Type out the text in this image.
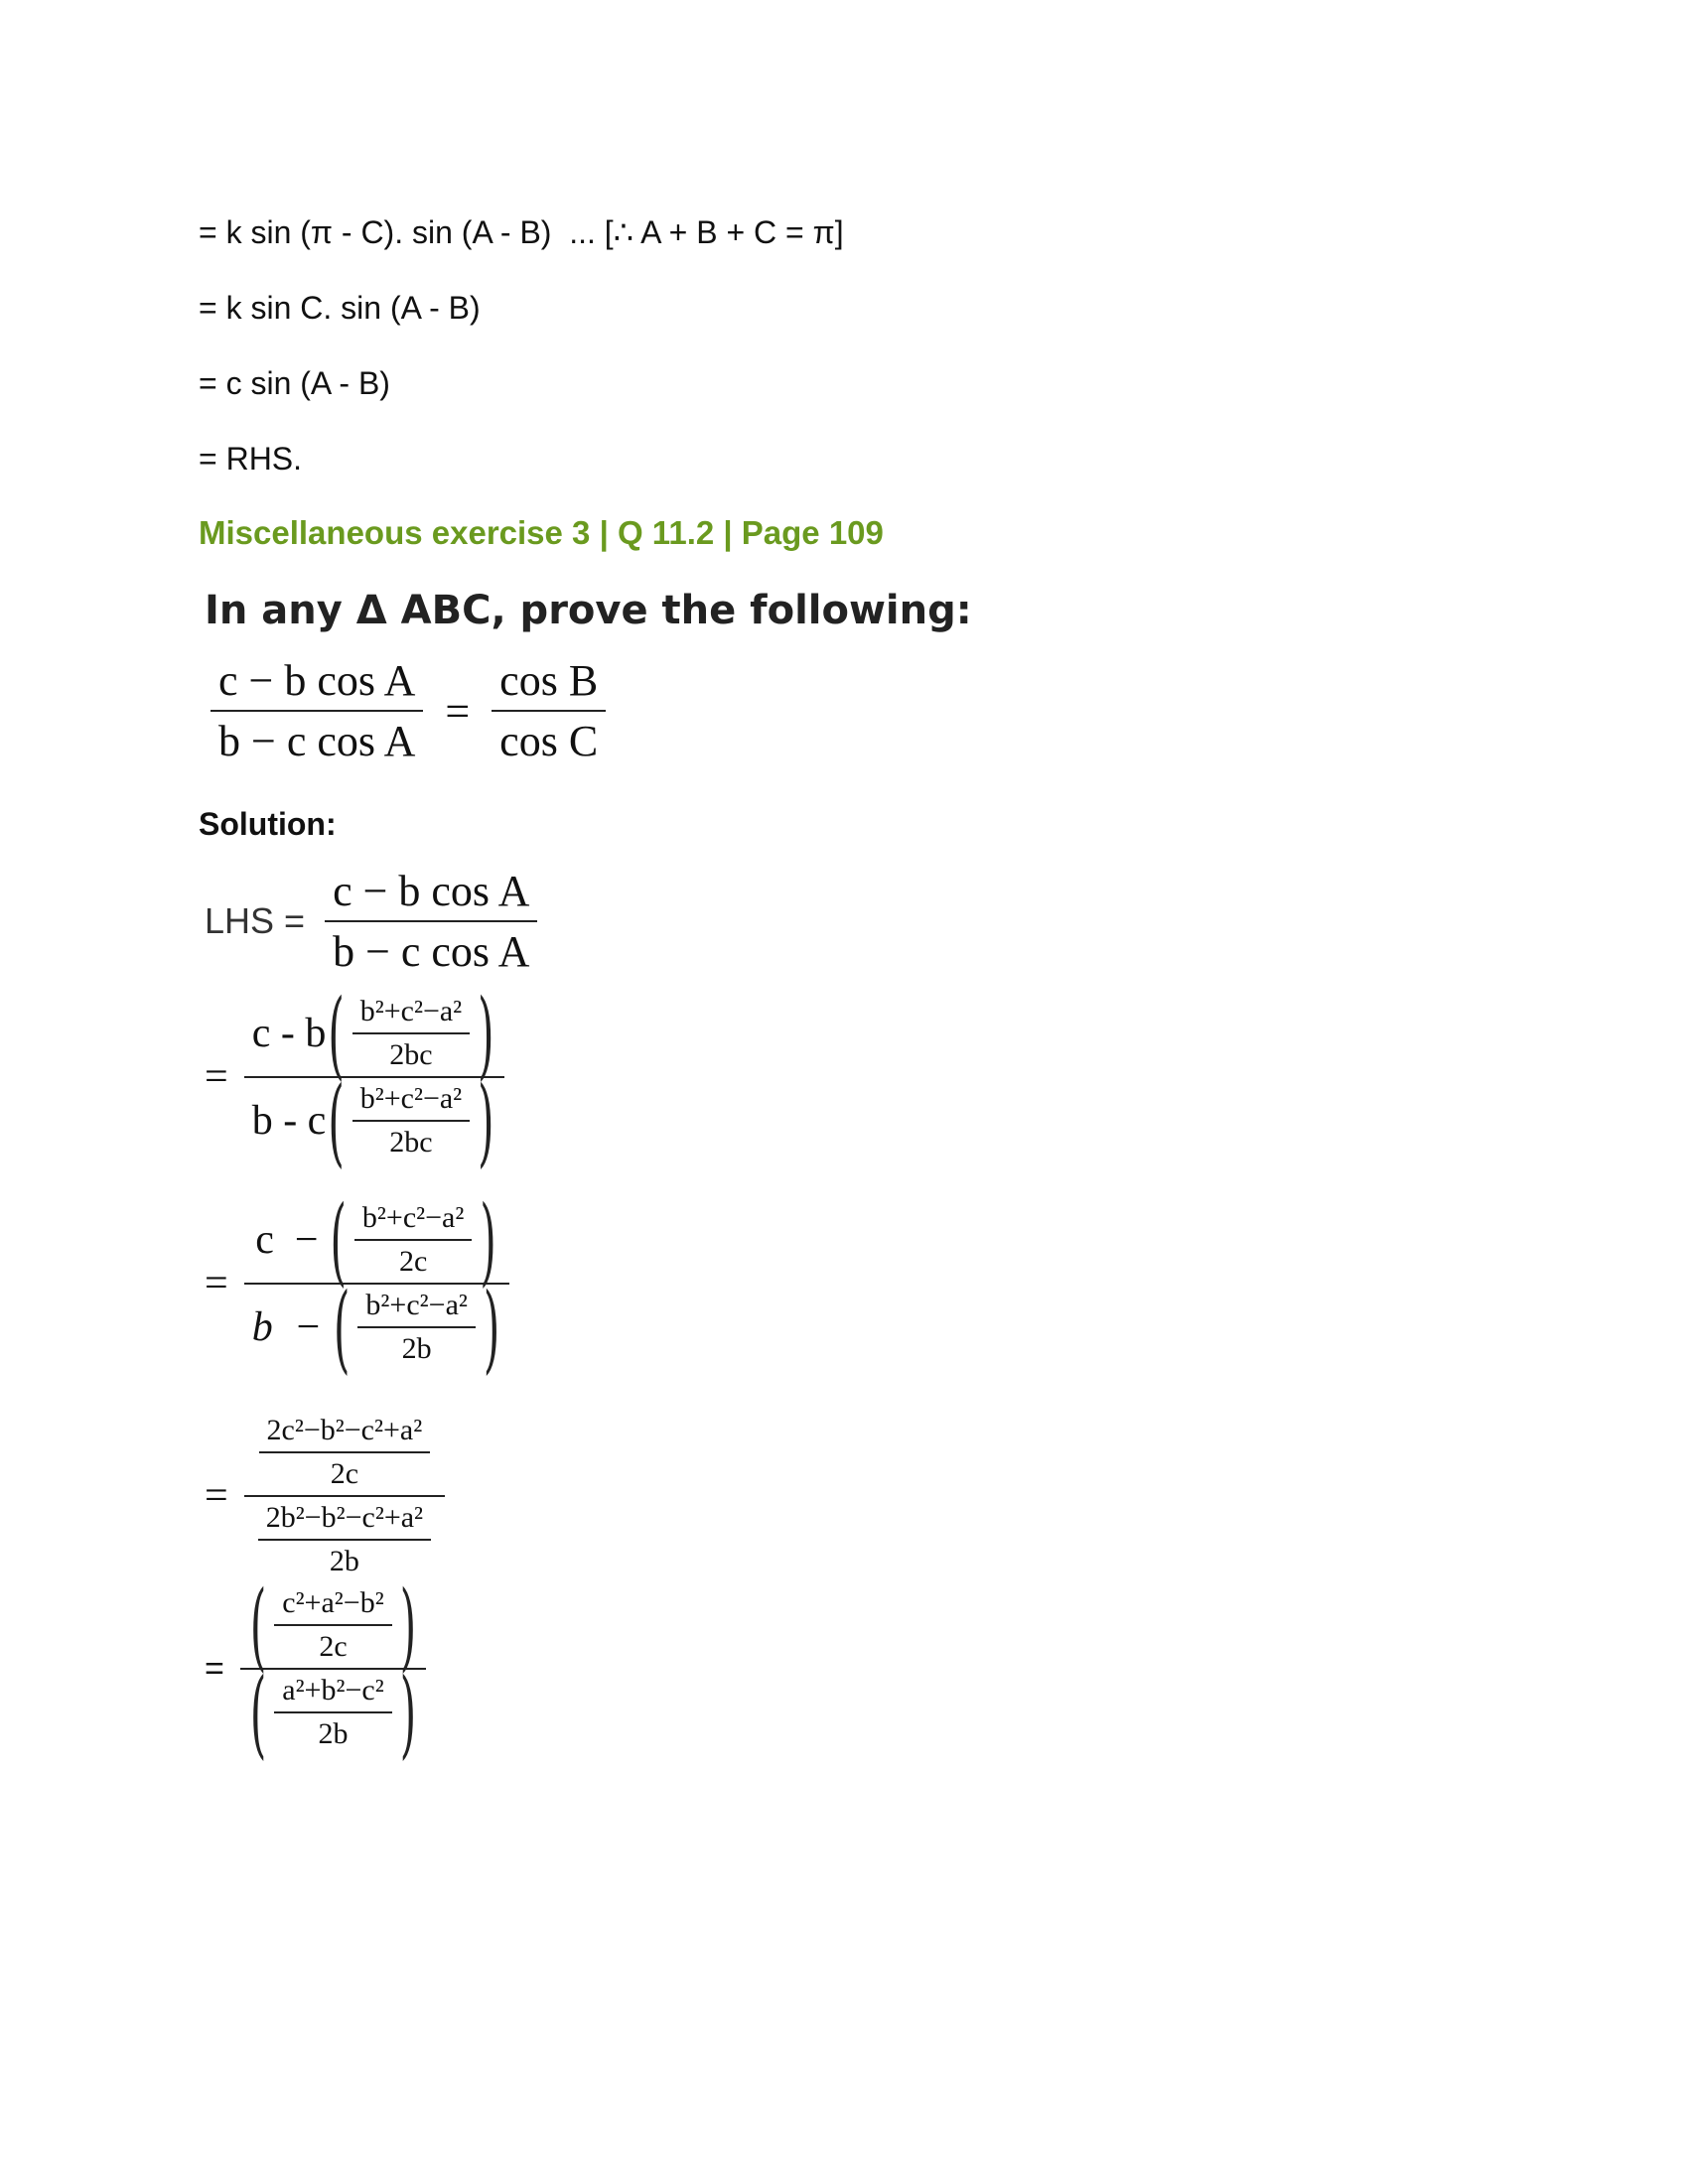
= k sin (π - C). sin (A - B)  ... [∴ A + B + C = π]
= k sin C. sin (A - B)
= c sin (A - B)
= RHS.
Miscellaneous exercise 3 | Q 11.2 | Page 109
In any Δ ABC, prove the following:
$\frac{\text{c − b cos A}}{\text{b − c cos A}} = \frac{\text{cos B}}{\text{cos C}}$
Solution:
LHS = $\frac{\text{c − b cos A}}{\text{b − c cos A}}$
=
c - b ( $\frac{\text{b²+c²−a²}}{2bc}$ )
b - c ( $\frac{\text{b²+c²−a²}}{2bc}$ )
=
c  − ( $\frac{\text{b²+c²−a²}}{2c}$ )
b  − ( $\frac{\text{b²+c²−a²}}{2b}$ )
= $\frac{\frac{\text{2c²−b²−c²+a²}}{2c}}{\frac{\text{2b²−b²−c²+a²}}{2b}}$
= ( $\frac{\text{c²+a²−b²}}{2c}$ )
( $\frac{\text{a²+b²−c²}}{2b}$ )
